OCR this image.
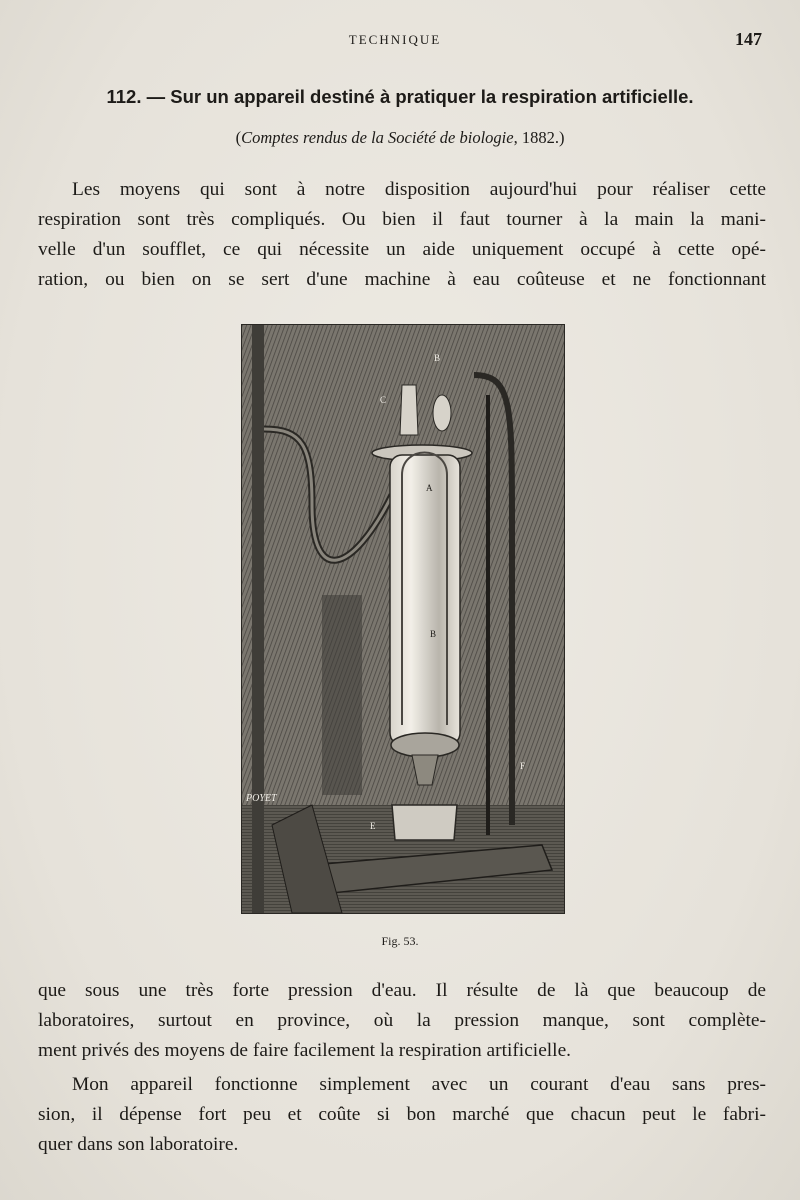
TECHNIQUE	147
112. — Sur un appareil destiné à pratiquer la respiration artificielle.
(Comptes rendus de la Société de biologie, 1882.)
Les moyens qui sont à notre disposition aujourd'hui pour réaliser cette
respiration sont très compliqués. Ou bien il faut tourner à la main la mani-
velle d'un soufflet, ce qui nécessite un aide uniquement occupé à cette opé-
ration, ou bien on se sert d'une machine à eau coûteuse et ne fonctionnant
B
C
A
B
F
E
POYET
Fig. 53.
que sous une très forte pression d'eau. Il résulte de là que beaucoup de
laboratoires, surtout en province, où la pression manque, sont complète-
ment privés des moyens de faire facilement la respiration artificielle.
Mon appareil fonctionne simplement avec un courant d'eau sans pres-
sion, il dépense fort peu et coûte si bon marché que chacun peut le fabri-
quer dans son laboratoire.
